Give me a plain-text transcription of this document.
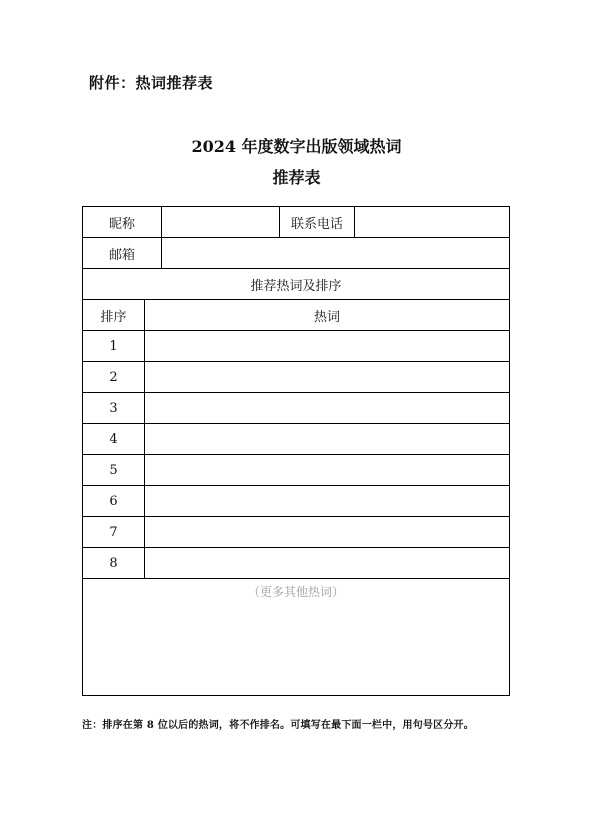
附件：热词推荐表
2024 年度数字出版领域热词
推荐表
昵称			联系电话	
邮箱				
推荐热词及排序				
排序	热词			
1				
2				
3				
4				
5				
6				
7				
8				

（更多其他热词）				
注：排序在第 8 位以后的热词，将不作排名。可填写在最下面一栏中，用句号区分开。
